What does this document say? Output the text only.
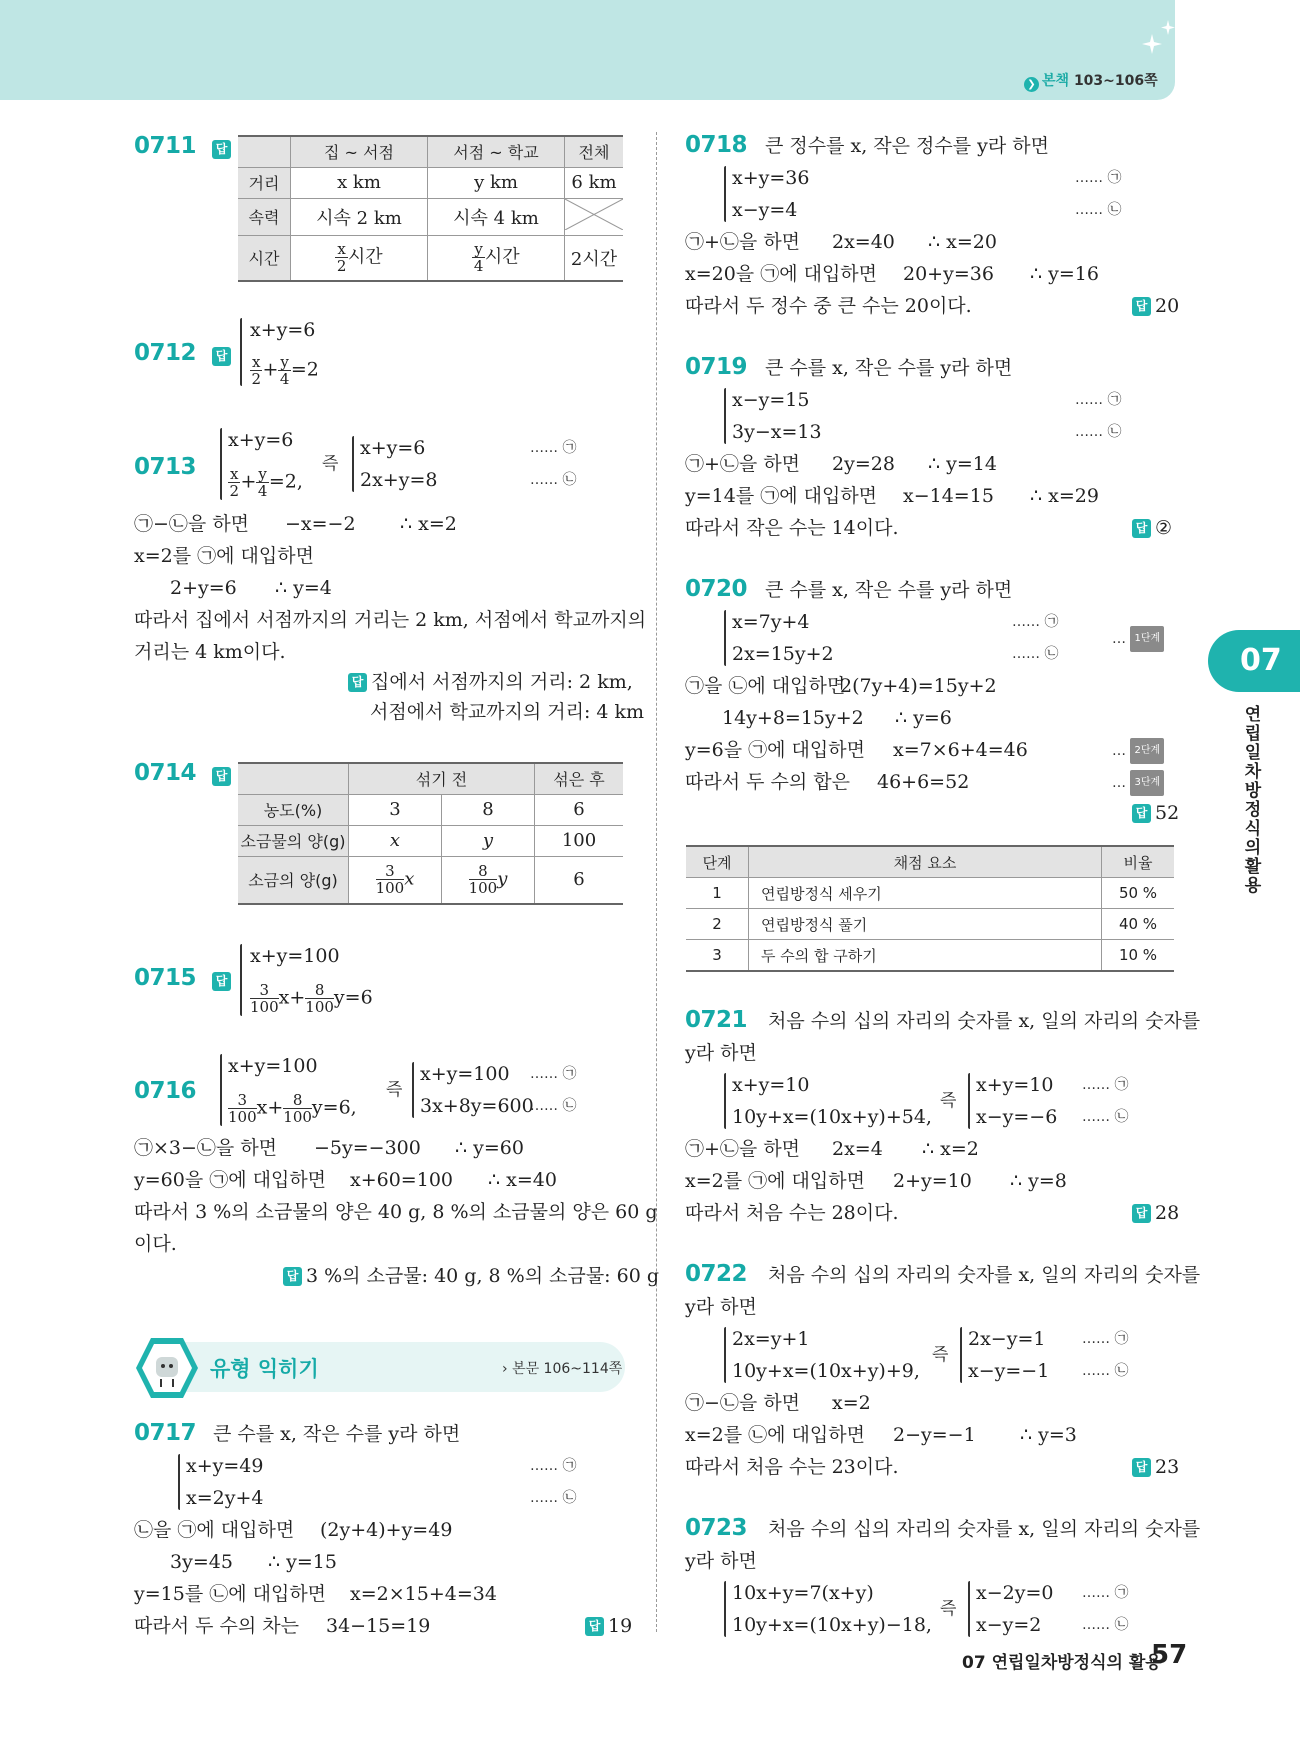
❯ 본책 103~106쪽
0711	답
		집 ~ 서점	서점 ~ 학교	전체
거리	x km	y km	6 km
속력	시속 2 km	시속 4 km	
시간	$\frac{x}{2}$ 시간	$\frac{y}{4}$ 시간	2시간
0712	답
x+y=6
$\frac{x}{2} + \frac{y}{4} =2$
0713
x+y=6
$\frac{x}{2} + \frac{y}{4} =2$,
즉
x+y=6
2x+y=8
…… ㉠
…… ㉡
㉠−㉡을 하면 −x=−2 ∴ x=2
x=2를 ㉠에 대입하면
2+y=6 ∴ y=4
따라서 집에서 서점까지의 거리는 2 km, 서점에서 학교까지의
거리는 4 km이다.
답 집에서 서점까지의 거리: 2 km,
서점에서 학교까지의 거리: 4 km
0714	답
		섞기 전		섞은 후
농도(%)	3	8	6
소금물의 양(g)	x	y	100
소금의 양(g)	$\frac{3}{100}$ x	$\frac{8}{100}$ y	6
0715	답
x+y=100
$\frac{3}{100} x+ \frac{8}{100} y=6$
0716
x+y=100
$\frac{3}{100} x+ \frac{8}{100} y=6$,
즉
x+y=100
3x+8y=600
…… ㉠
…… ㉡
㉠×3−㉡을 하면 −5y=−300 ∴ y=60
y=60을 ㉠에 대입하면 x+60=100 ∴ x=40
따라서 3 %의 소금물의 양은 40 g, 8 %의 소금물의 양은 60 g
이다.
답 3 %의 소금물: 40 g, 8 %의 소금물: 60 g
유형 익히기	› 본문 106~114쪽
0717 큰 수를 x, 작은 수를 y라 하면
x+y=49
x=2y+4
…… ㉠
…… ㉡
㉡을 ㉠에 대입하면 (2y+4)+y=49
3y=45 ∴ y=15
y=15를 ㉡에 대입하면 x=2×15+4=34
따라서 두 수의 차는 34−15=19	답 19
0718 큰 정수를 x, 작은 정수를 y라 하면
x+y=36
x−y=4
…… ㉠
…… ㉡
㉠+㉡을 하면 2x=40 ∴ x=20
x=20을 ㉠에 대입하면 20+y=36 ∴ y=16
따라서 두 정수 중 큰 수는 20이다.	답 20
0719 큰 수를 x, 작은 수를 y라 하면
x−y=15
3y−x=13
…… ㉠
…… ㉡
㉠+㉡을 하면 2y=28 ∴ y=14
y=14를 ㉠에 대입하면 x−14=15 ∴ x=29
따라서 작은 수는 14이다.	답 ②
0720 큰 수를 x, 작은 수를 y라 하면
x=7y+4
2x=15y+2
…… ㉠
…… ㉡
… 1단계
㉠을 ㉡에 대입하면
2(7y+4)=15y+2
14y+8=15y+2 ∴ y=6
y=6을 ㉠에 대입하면 x=7×6+4=46	… 2단계
따라서 두 수의 합은 46+6=52	… 3단계
답 52
단계	채점 요소	비율
1	연립방정식 세우기	50 %
2	연립방정식 풀기	40 %
3	두 수의 합 구하기	10 %
0721 처음 수의 십의 자리의 숫자를 x, 일의 자리의 숫자를
y라 하면
x+y=10
10y+x=(10x+y)+54,
즉
x+y=10
x−y=−6
…… ㉠
…… ㉡
㉠+㉡을 하면 2x=4 ∴ x=2
x=2를 ㉠에 대입하면 2+y=10 ∴ y=8
따라서 처음 수는 28이다.	답 28
0722 처음 수의 십의 자리의 숫자를 x, 일의 자리의 숫자를
y라 하면
2x=y+1
10y+x=(10x+y)+9,
즉
2x−y=1
x−y=−1
…… ㉠
…… ㉡
㉠−㉡을 하면 x=2
x=2를 ㉡에 대입하면 2−y=−1 ∴ y=3
따라서 처음 수는 23이다.	답 23
0723 처음 수의 십의 자리의 숫자를 x, 일의 자리의 숫자를
y라 하면
10x+y=7(x+y)
10y+x=(10x+y)−18,
즉
x−2y=0
x−y=2
…… ㉠
…… ㉡
07
연립일차방정식의 활용
07 연립일차방정식의 활용
57
